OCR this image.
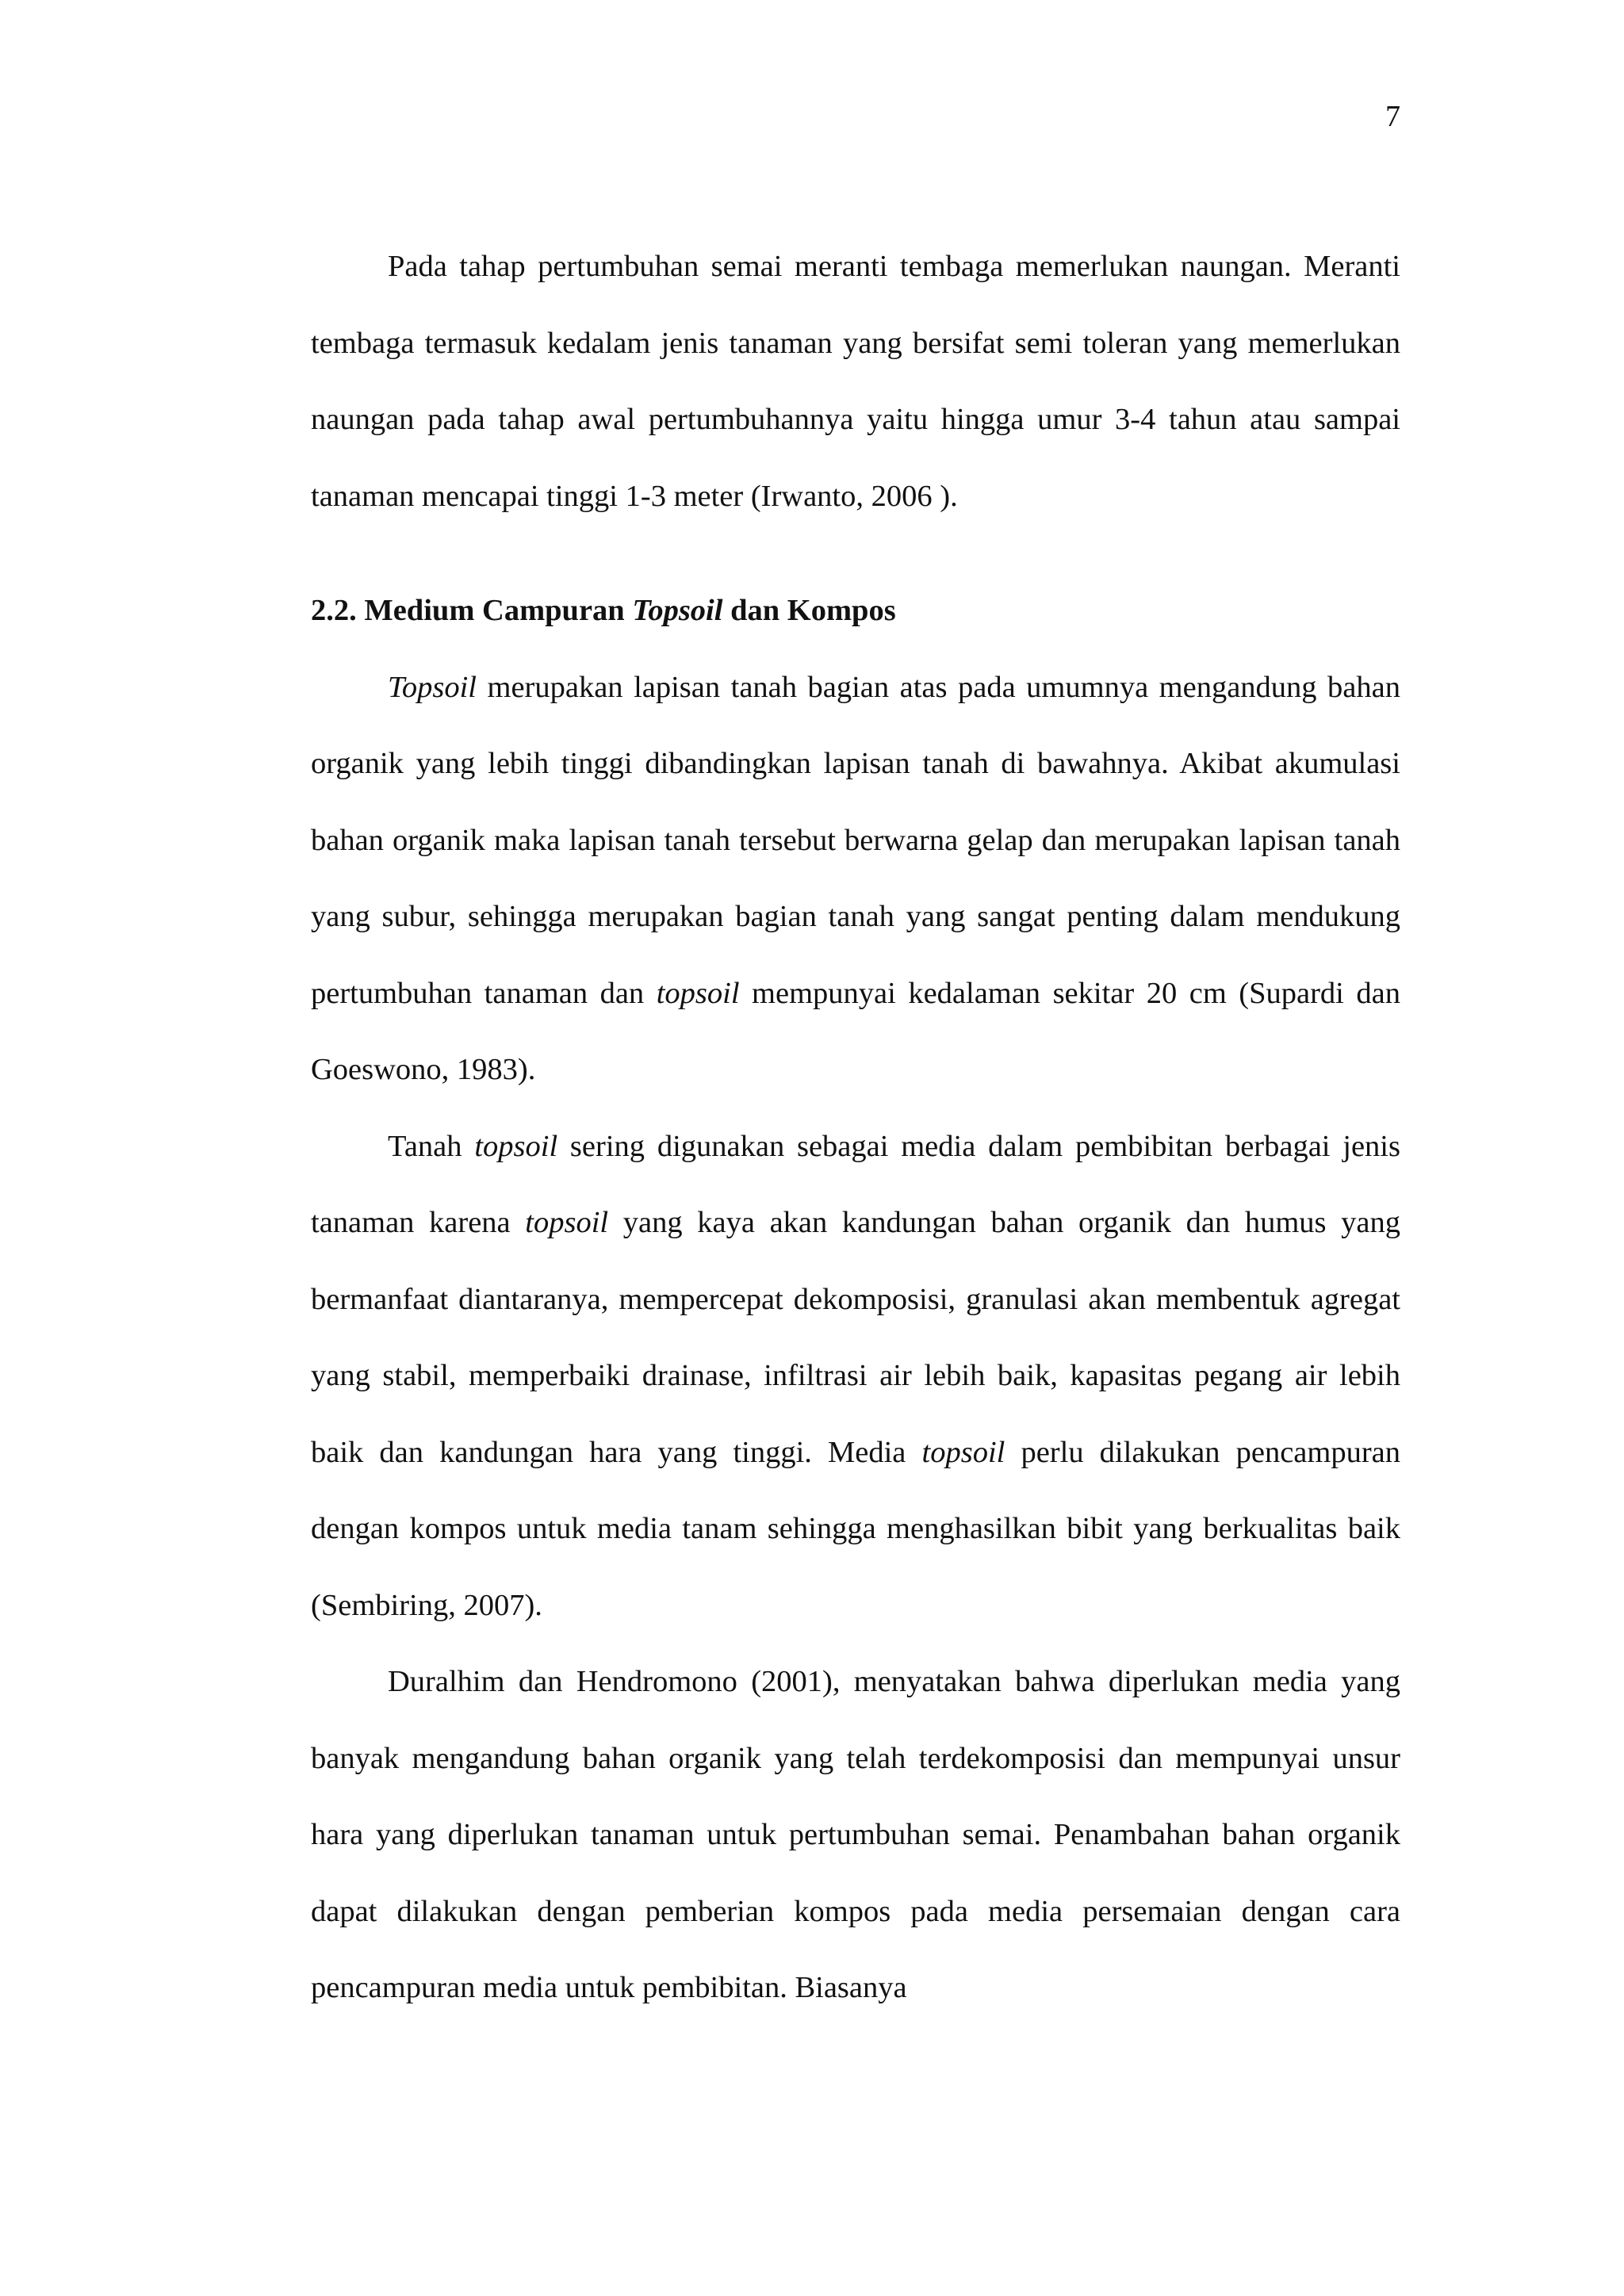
7

Pada tahap pertumbuhan semai meranti tembaga memerlukan naungan. Meranti tembaga termasuk kedalam jenis tanaman yang bersifat semi toleran yang memerlukan naungan pada tahap awal pertumbuhannya yaitu hingga umur 3-4 tahun atau sampai tanaman mencapai tinggi 1-3 meter (Irwanto, 2006 ).

2.2. Medium Campuran Topsoil dan Kompos

Topsoil merupakan lapisan tanah bagian atas pada umumnya mengandung bahan organik yang lebih tinggi dibandingkan lapisan tanah di bawahnya. Akibat akumulasi bahan organik maka lapisan tanah tersebut berwarna gelap dan merupakan lapisan tanah yang subur, sehingga merupakan bagian tanah yang sangat penting dalam mendukung pertumbuhan tanaman dan topsoil mempunyai kedalaman sekitar 20 cm (Supardi dan Goeswono, 1983).

Tanah topsoil sering digunakan sebagai media dalam pembibitan berbagai jenis tanaman karena topsoil yang kaya akan kandungan bahan organik dan humus yang bermanfaat diantaranya, mempercepat dekomposisi, granulasi akan membentuk agregat yang stabil, memperbaiki drainase, infiltrasi air lebih baik, kapasitas pegang air lebih baik dan kandungan hara yang tinggi. Media topsoil perlu dilakukan pencampuran dengan kompos untuk media tanam sehingga menghasilkan bibit yang berkualitas baik (Sembiring, 2007).

Duralhim dan Hendromono (2001), menyatakan bahwa diperlukan media yang banyak mengandung bahan organik yang telah terdekomposisi dan mempunyai unsur hara yang diperlukan tanaman untuk pertumbuhan semai. Penambahan bahan organik dapat dilakukan dengan pemberian kompos pada media persemaian dengan cara pencampuran media untuk pembibitan. Biasanya
